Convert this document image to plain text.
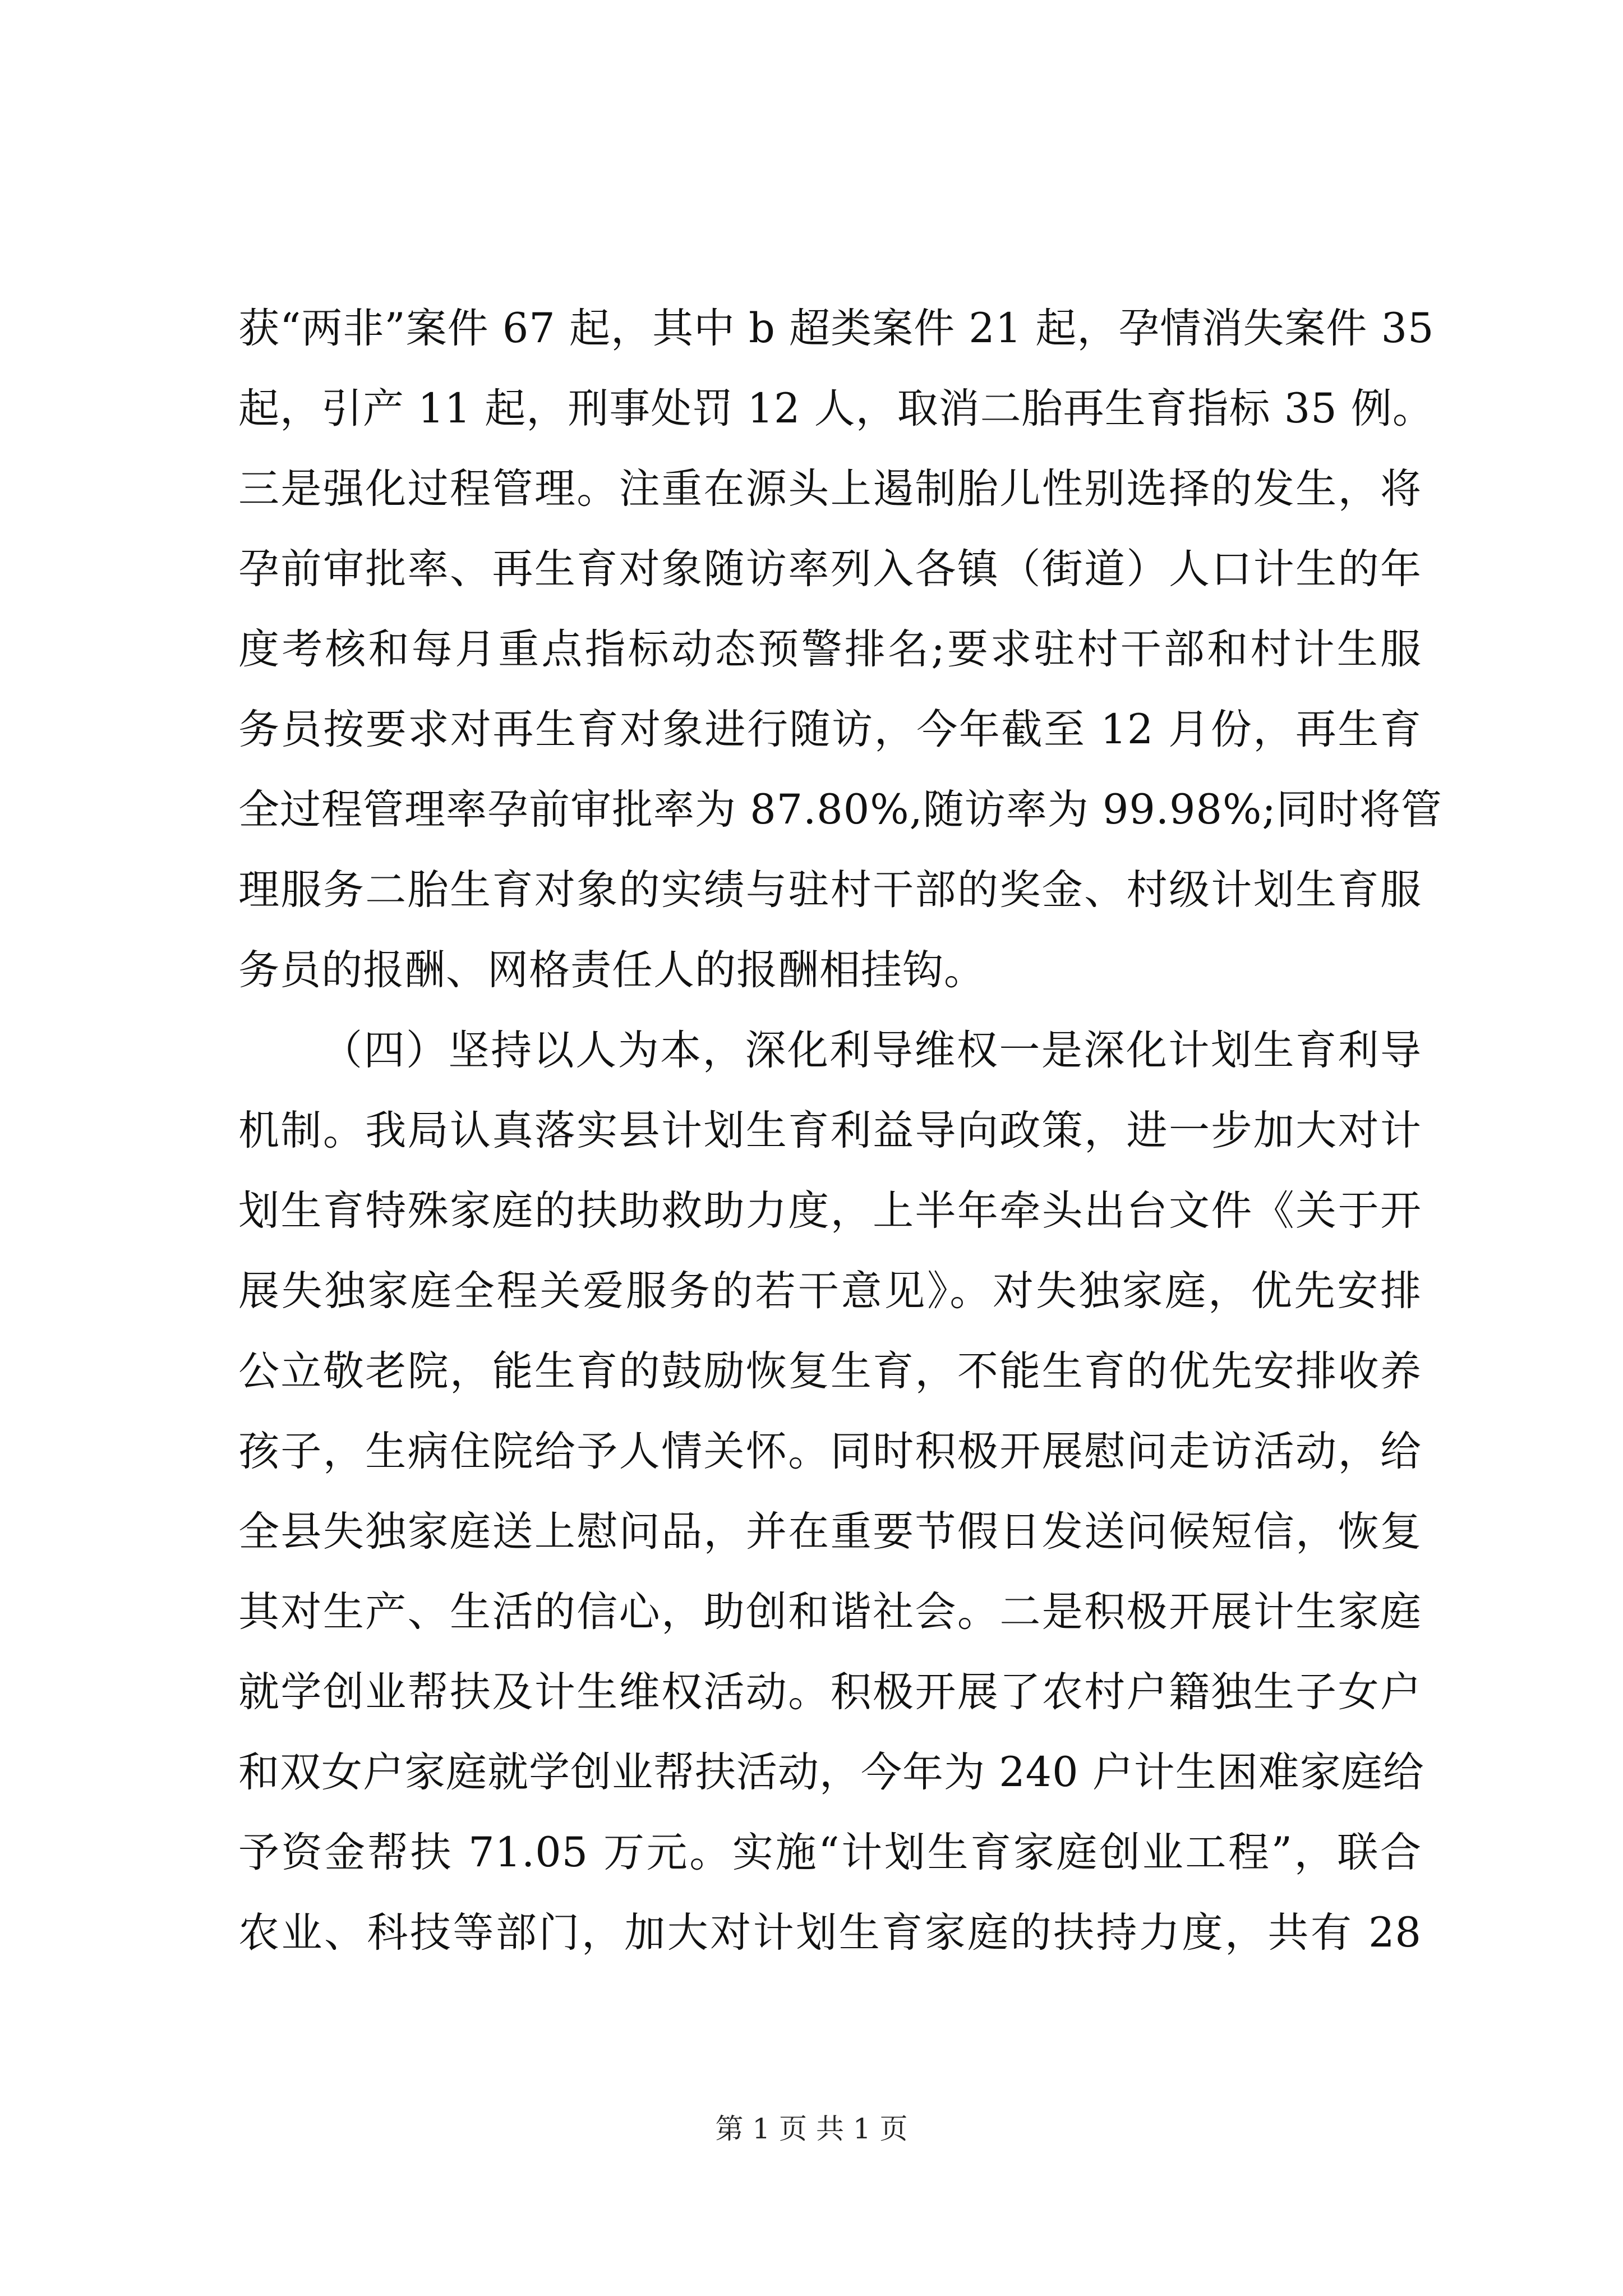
获“两非”案件 67 起，其中 b 超类案件 21 起，孕情消失案件 35
起，引产 11 起，刑事处罚 12 人，取消二胎再生育指标 35 例。
三是强化过程管理。注重在源头上遏制胎儿性别选择的发生，将
孕前审批率、再生育对象随访率列入各镇（街道）人口计生的年
度考核和每月重点指标动态预警排名;要求驻村干部和村计生服
务员按要求对再生育对象进行随访，今年截至 12 月份，再生育
全过程管理率孕前审批率为 87.80%,随访率为 99.98%;同时将管
理服务二胎生育对象的实绩与驻村干部的奖金、村级计划生育服
务员的报酬、网格责任人的报酬相挂钩。
（四）坚持以人为本，深化利导维权一是深化计划生育利导
机制。我局认真落实县计划生育利益导向政策，进一步加大对计
划生育特殊家庭的扶助救助力度，上半年牵头出台文件《关于开
展失独家庭全程关爱服务的若干意见》。对失独家庭，优先安排
公立敬老院，能生育的鼓励恢复生育，不能生育的优先安排收养
孩子，生病住院给予人情关怀。同时积极开展慰问走访活动，给
全县失独家庭送上慰问品，并在重要节假日发送问候短信，恢复
其对生产、生活的信心，助创和谐社会。二是积极开展计生家庭
就学创业帮扶及计生维权活动。积极开展了农村户籍独生子女户
和双女户家庭就学创业帮扶活动，今年为 240 户计生困难家庭给
予资金帮扶 71.05 万元。实施“计划生育家庭创业工程”，联合
农业、科技等部门，加大对计划生育家庭的扶持力度，共有 28
第 1 页 共 1 页
